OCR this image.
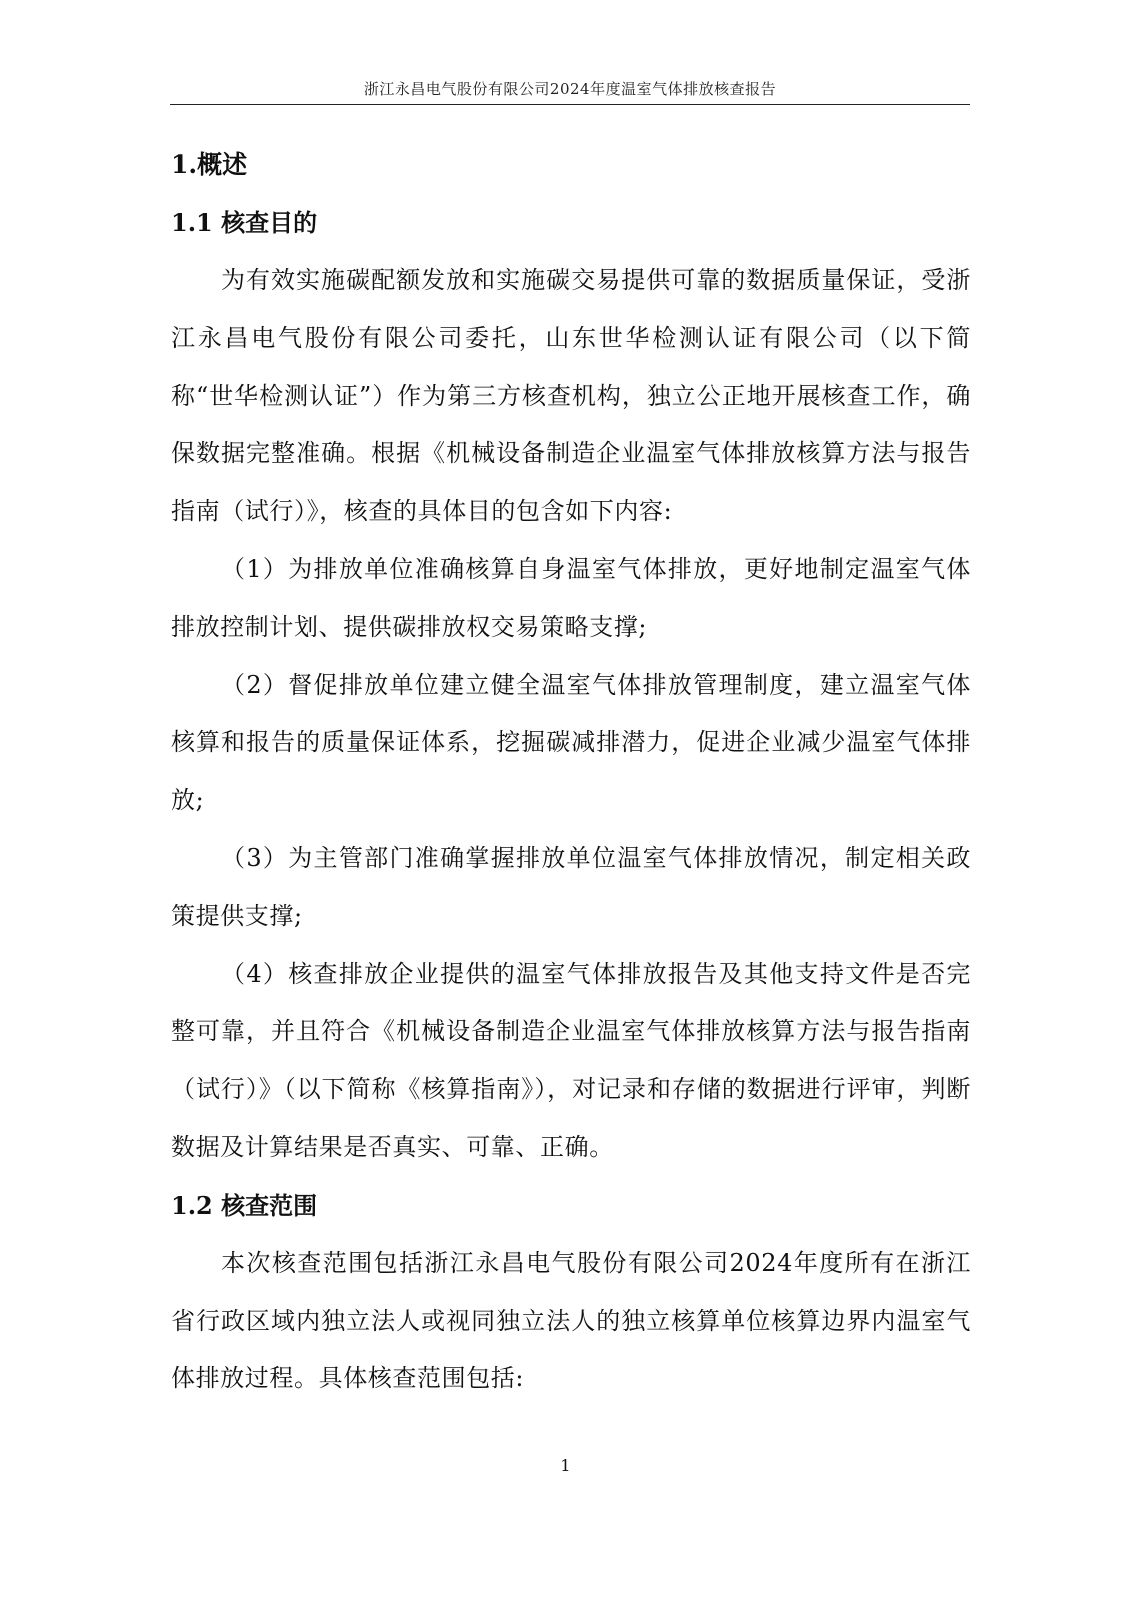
浙江永昌电气股份有限公司2024年度温室气体排放核查报告
1.概述
1.1 核查目的

为有效实施碳配额发放和实施碳交易提供可靠的数据质量保证，受浙江永昌电气股份有限公司委托，山东世华检测认证有限公司（以下简称“世华检测认证”）作为第三方核查机构，独立公正地开展核查工作，确保数据完整准确。根据《机械设备制造企业温室气体排放核算方法与报告指南（试行）》，核查的具体目的包含如下内容:

（1）为排放单位准确核算自身温室气体排放，更好地制定温室气体排放控制计划、提供碳排放权交易策略支撑;

（2）督促排放单位建立健全温室气体排放管理制度，建立温室气体核算和报告的质量保证体系，挖掘碳减排潜力，促进企业减少温室气体排放;

（3）为主管部门准确掌握排放单位温室气体排放情况，制定相关政策提供支撑;

（4）核查排放企业提供的温室气体排放报告及其他支持文件是否完整可靠，并且符合《机械设备制造企业温室气体排放核算方法与报告指南（试行）》（以下简称《核算指南》），对记录和存储的数据进行评审，判断数据及计算结果是否真实、可靠、正确。

1.2 核查范围

本次核查范围包括浙江永昌电气股份有限公司2024年度所有在浙江省行政区域内独立法人或视同独立法人的独立核算单位核算边界内温室气体排放过程。具体核查范围包括:

1
